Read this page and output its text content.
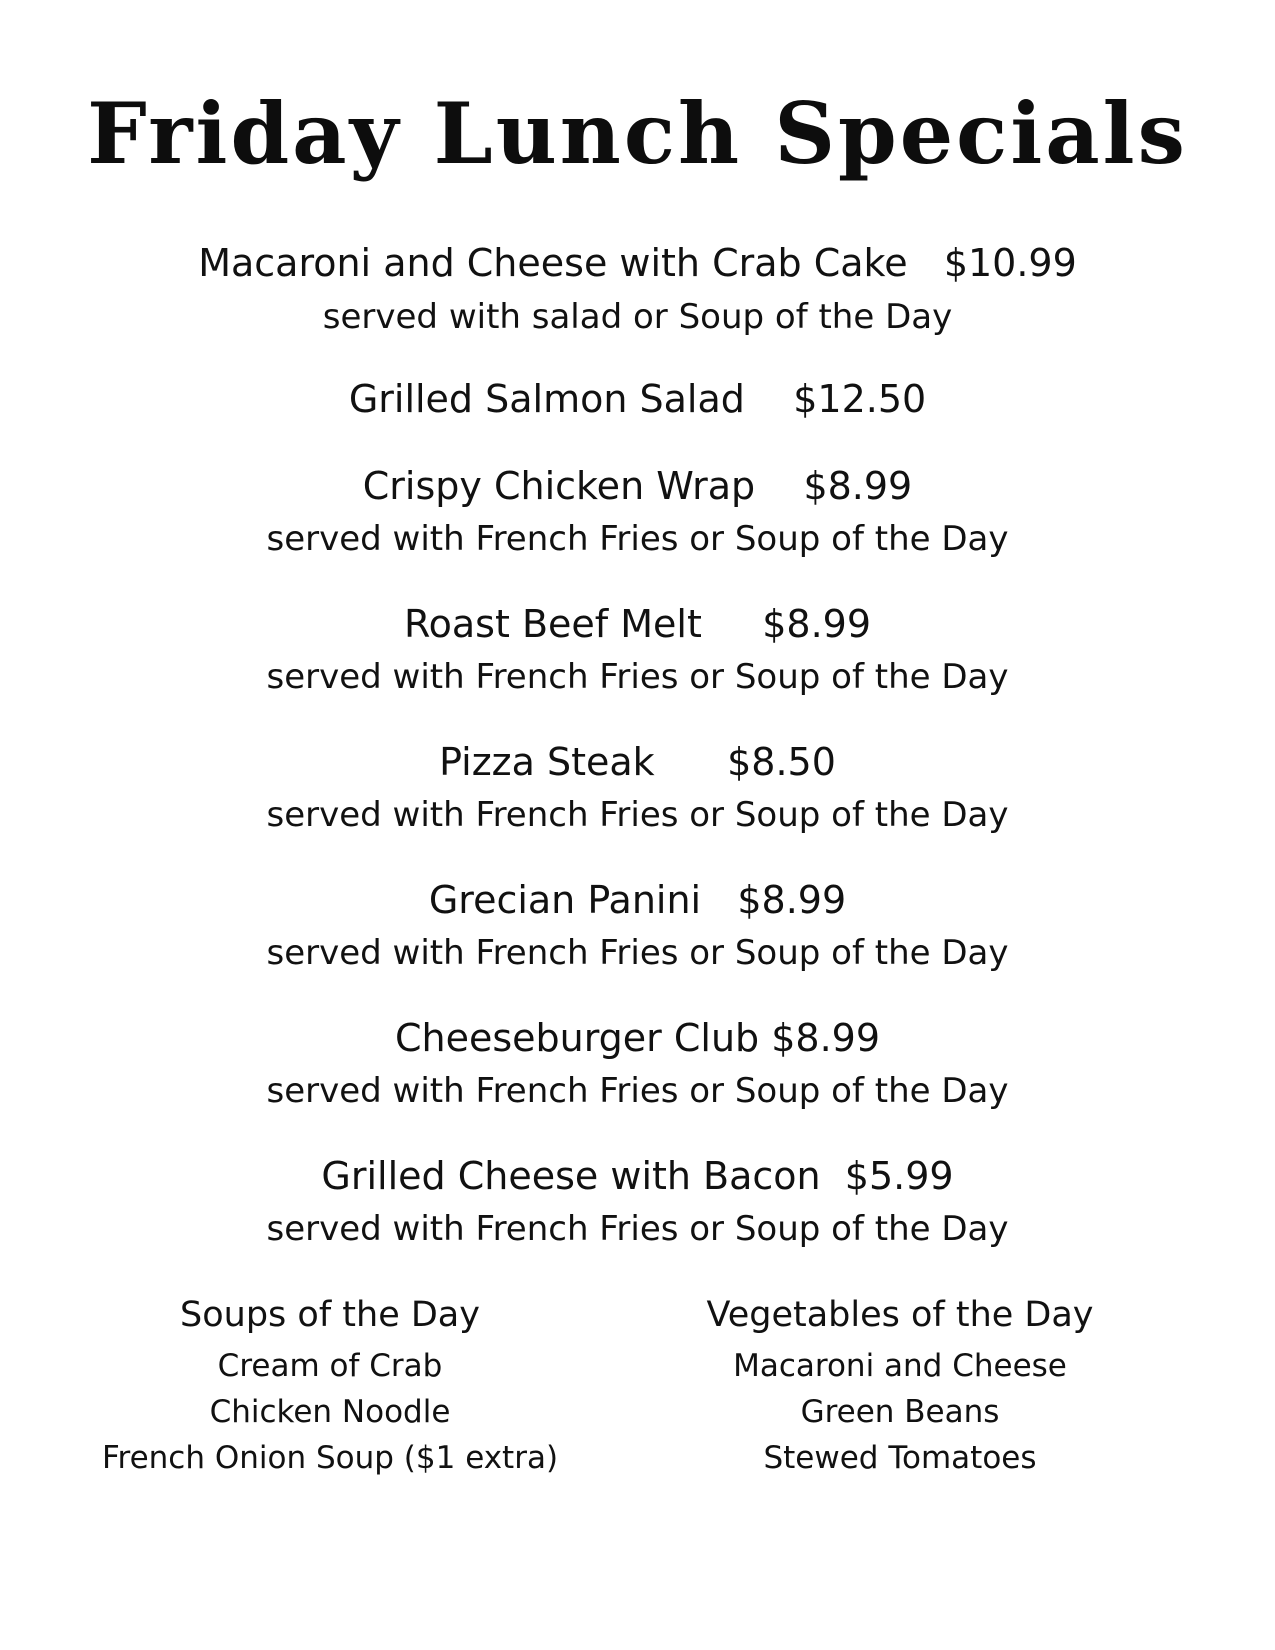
Friday Lunch Specials
Macaroni and Cheese with Crab Cake   $10.99
served with salad or Soup of the Day
Grilled Salmon Salad    $12.50
Crispy Chicken Wrap    $8.99
served with French Fries or Soup of the Day
Roast Beef Melt     $8.99
served with French Fries or Soup of the Day
Pizza Steak      $8.50
served with French Fries or Soup of the Day
Grecian Panini   $8.99
served with French Fries or Soup of the Day
Cheeseburger Club $8.99
served with French Fries or Soup of the Day
Grilled Cheese with Bacon  $5.99
served with French Fries or Soup of the Day
Soups of the Day
Cream of Crab
Chicken Noodle
French Onion Soup ($1 extra)
Vegetables of the Day
Macaroni and Cheese
Green Beans
Stewed Tomatoes
